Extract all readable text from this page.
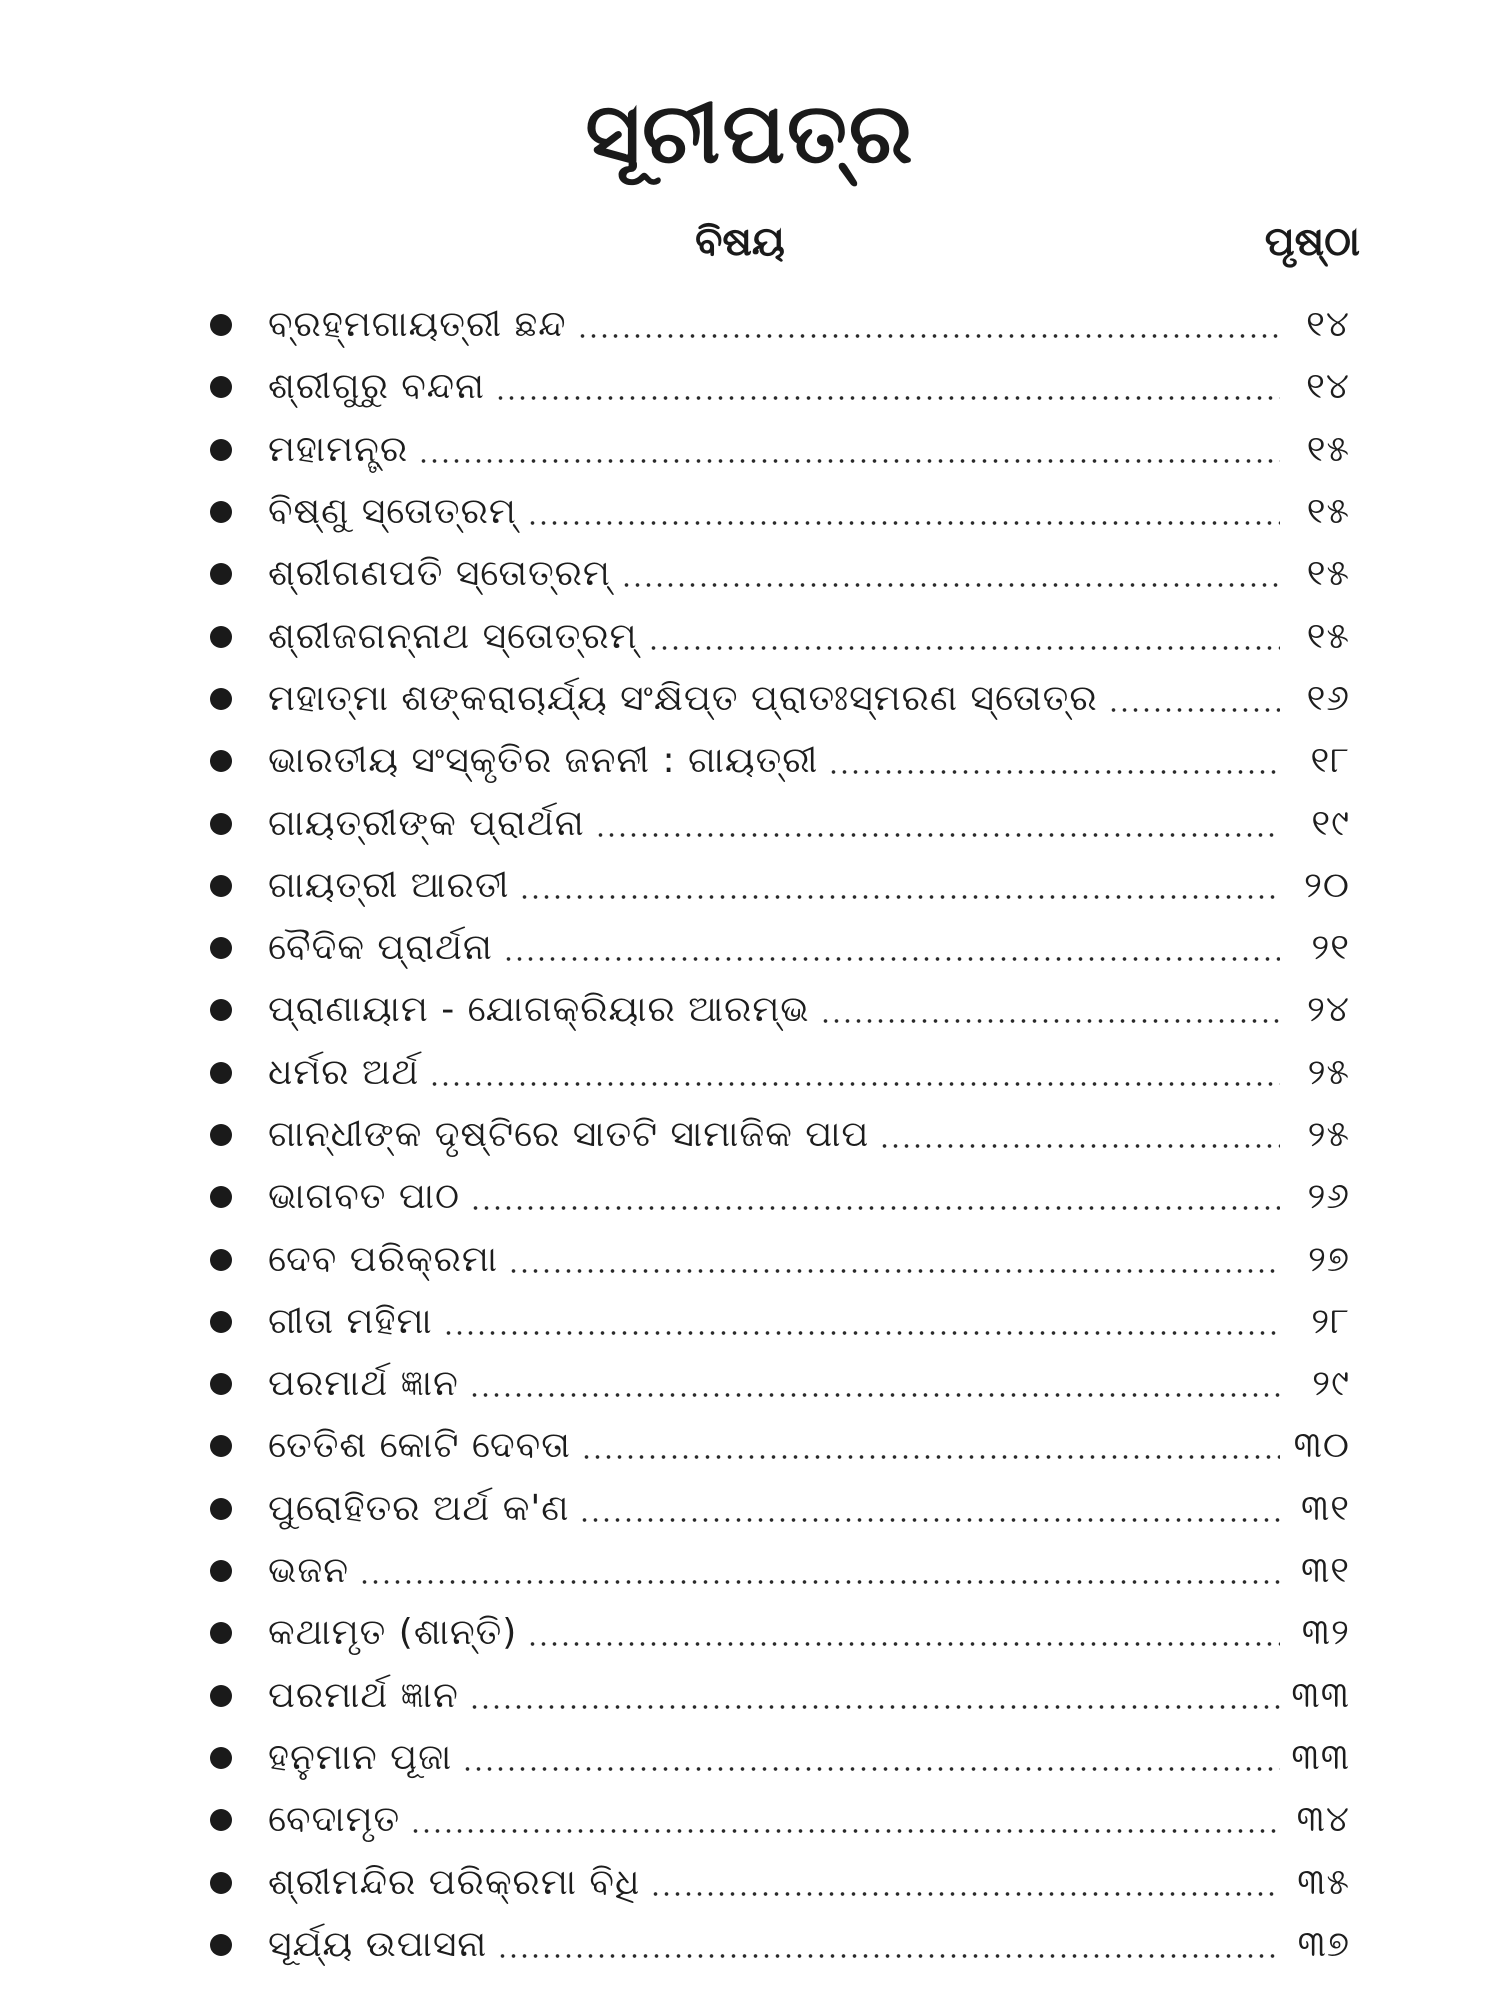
ସୂଚୀପତ୍ର
ବିଷୟ	ପୃଷ୍ଠା
ବ୍ରହ୍ମଗାୟତ୍ରୀ ଛନ୍ଦ	୧୪
ଶ୍ରୀଗୁରୁ ବନ୍ଦନା	୧୪
ମହାମନ୍ତ୍ର	୧୫
ବିଷ୍ଣୁ ସ୍ତୋତ୍ରମ୍	୧୫
ଶ୍ରୀଗଣପତି ସ୍ତୋତ୍ରମ୍	୧୫
ଶ୍ରୀଜଗନ୍ନାଥ ସ୍ତୋତ୍ରମ୍	୧୫
ମହାତ୍ମା ଶଙ୍କରାଚାର୍ଯ୍ୟ ସଂକ୍ଷିପ୍ତ ପ୍ରାତଃସ୍ମରଣ ସ୍ତୋତ୍ର	୧୬
ଭାରତୀୟ ସଂସ୍କୃତିର ଜନନୀ : ଗାୟତ୍ରୀ	୧୮
ଗାୟତ୍ରୀଙ୍କ ପ୍ରାର୍ଥନା	୧୯
ଗାୟତ୍ରୀ ଆରତୀ	୨୦
ବୈଦିକ ପ୍ରାର୍ଥନା	୨୧
ପ୍ରାଣାୟାମ - ଯୋଗକ୍ରିୟାର ଆରମ୍ଭ	୨୪
ଧର୍ମର ଅର୍ଥ	୨୫
ଗାନ୍ଧୀଙ୍କ ଦୃଷ୍ଟିରେ ସାତଟି ସାମାଜିକ ପାପ	୨୫
ଭାଗବତ ପାଠ	୨୬
ଦେବ ପରିକ୍ରମା	୨୭
ଗୀତା ମହିମା	୨୮
ପରମାର୍ଥ ଜ୍ଞାନ	୨୯
ତେତିଶ କୋଟି ଦେବତା	୩୦
ପୁରୋହିତର ଅର୍ଥ କ'ଣ	୩୧
ଭଜନ	୩୧
କଥାମୃତ (ଶାନ୍ତି)	୩୨
ପରମାର୍ଥ ଜ୍ଞାନ	୩୩
ହନୁମାନ ପୂଜା	୩୩
ବେଦାମୃତ	୩୪
ଶ୍ରୀମନ୍ଦିର ପରିକ୍ରମା ବିଧି	୩୫
ସୂର୍ଯ୍ୟ ଉପାସନା	୩୭
